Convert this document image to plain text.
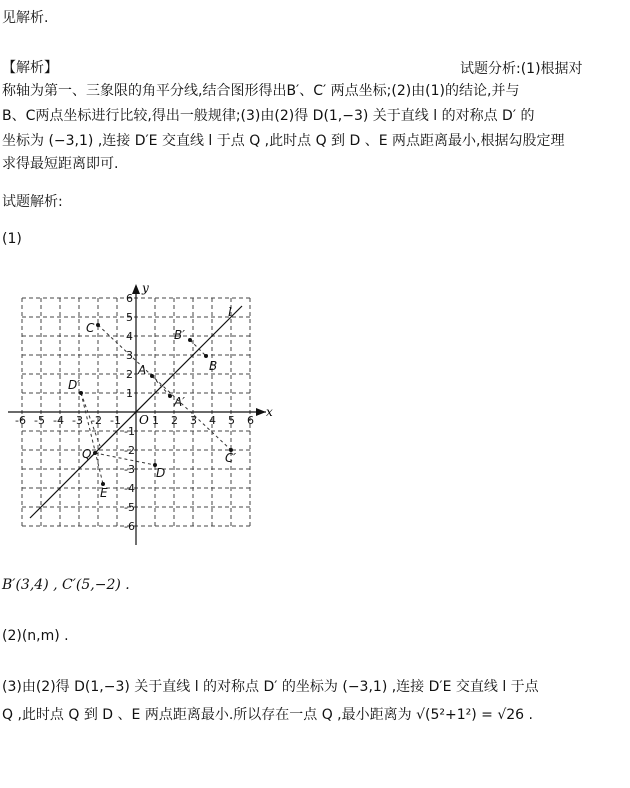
见解析.
【解析】	试题分析:(1)根据对
称轴为第一、三象限的角平分线,结合图形得出B′、C′ 两点坐标;(2)由(1)的结论,并与
B、C两点坐标进行比较,得出一般规律;(3)由(2)得 D(1,−3) 关于直线 l 的对称点 D′ 的
坐标为 (−3,1) ,连接 D′E 交直线 l 于点 Q ,此时点 Q 到 D 、E 两点距离最小,根据勾股定理
求得最短距离即可.
试题解析:
(1)
x
y
O
-6
-6
-5
-5
-4
-4
-3
-3
-2
-2
-1
-1
1
1
2
2
3
3
4
4
5
5
6
6
l
C	B′
B
A
A′
D′
C′
Q
D
E
B′(3,4) , C′(5,−2) .
(2)(n,m) .
(3)由(2)得 D(1,−3) 关于直线 l 的对称点 D′ 的坐标为 (−3,1) ,连接 D′E 交直线 l 于点
Q ,此时点 Q 到 D 、E 两点距离最小.所以存在一点 Q ,最小距离为 √(5²+1²) = √26 .
